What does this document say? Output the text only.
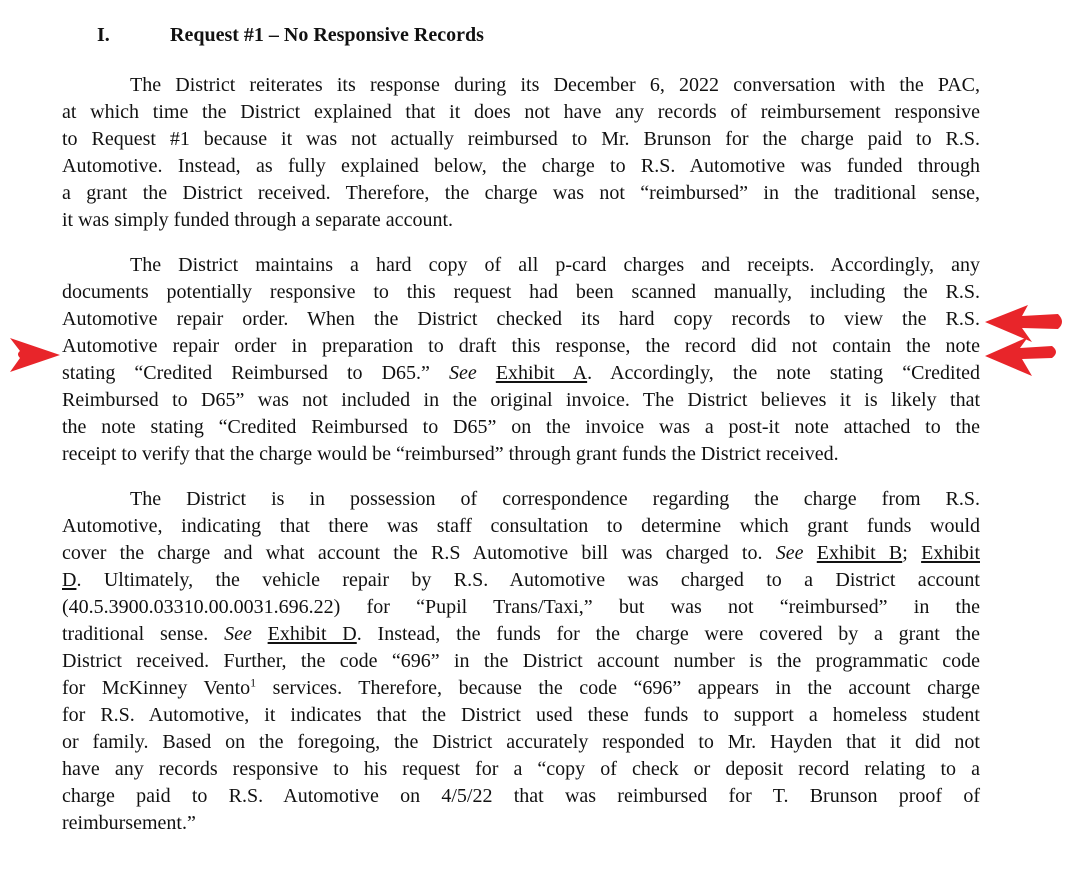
I.	Request #1 – No Responsive Records
The District reiterates its response during its December 6, 2022 conversation with the PAC,
at which time the District explained that it does not have any records of reimbursement responsive
to Request #1 because it was not actually reimbursed to Mr. Brunson for the charge paid to R.S.
Automotive. Instead, as fully explained below, the charge to R.S. Automotive was funded through
a grant the District received. Therefore, the charge was not “reimbursed” in the traditional sense,
it was simply funded through a separate account.
The District maintains a hard copy of all p-card charges and receipts. Accordingly, any
documents potentially responsive to this request had been scanned manually, including the R.S.
Automotive repair order. When the District checked its hard copy records to view the R.S.
Automotive repair order in preparation to draft this response, the record did not contain the note
stating “Credited Reimbursed to D65.” See Exhibit A. Accordingly, the note stating “Credited
Reimbursed to D65” was not included in the original invoice. The District believes it is likely that
the note stating “Credited Reimbursed to D65” on the invoice was a post-it note attached to the
receipt to verify that the charge would be “reimbursed” through grant funds the District received.
The District is in possession of correspondence regarding the charge from R.S.
Automotive, indicating that there was staff consultation to determine which grant funds would
cover the charge and what account the R.S Automotive bill was charged to. See Exhibit B; Exhibit
D. Ultimately, the vehicle repair by R.S. Automotive was charged to a District account
(40.5.3900.03310.00.0031.696.22) for “Pupil Trans/Taxi,” but was not “reimbursed” in the
traditional sense. See Exhibit D. Instead, the funds for the charge were covered by a grant the
District received. Further, the code “696” in the District account number is the programmatic code
for McKinney Vento$^1$ services. Therefore, because the code “696” appears in the account charge
for R.S. Automotive, it indicates that the District used these funds to support a homeless student
or family. Based on the foregoing, the District accurately responded to Mr. Hayden that it did not
have any records responsive to his request for a “copy of check or deposit record relating to a
charge paid to R.S. Automotive on 4/5/22 that was reimbursed for T. Brunson proof of
reimbursement.”
